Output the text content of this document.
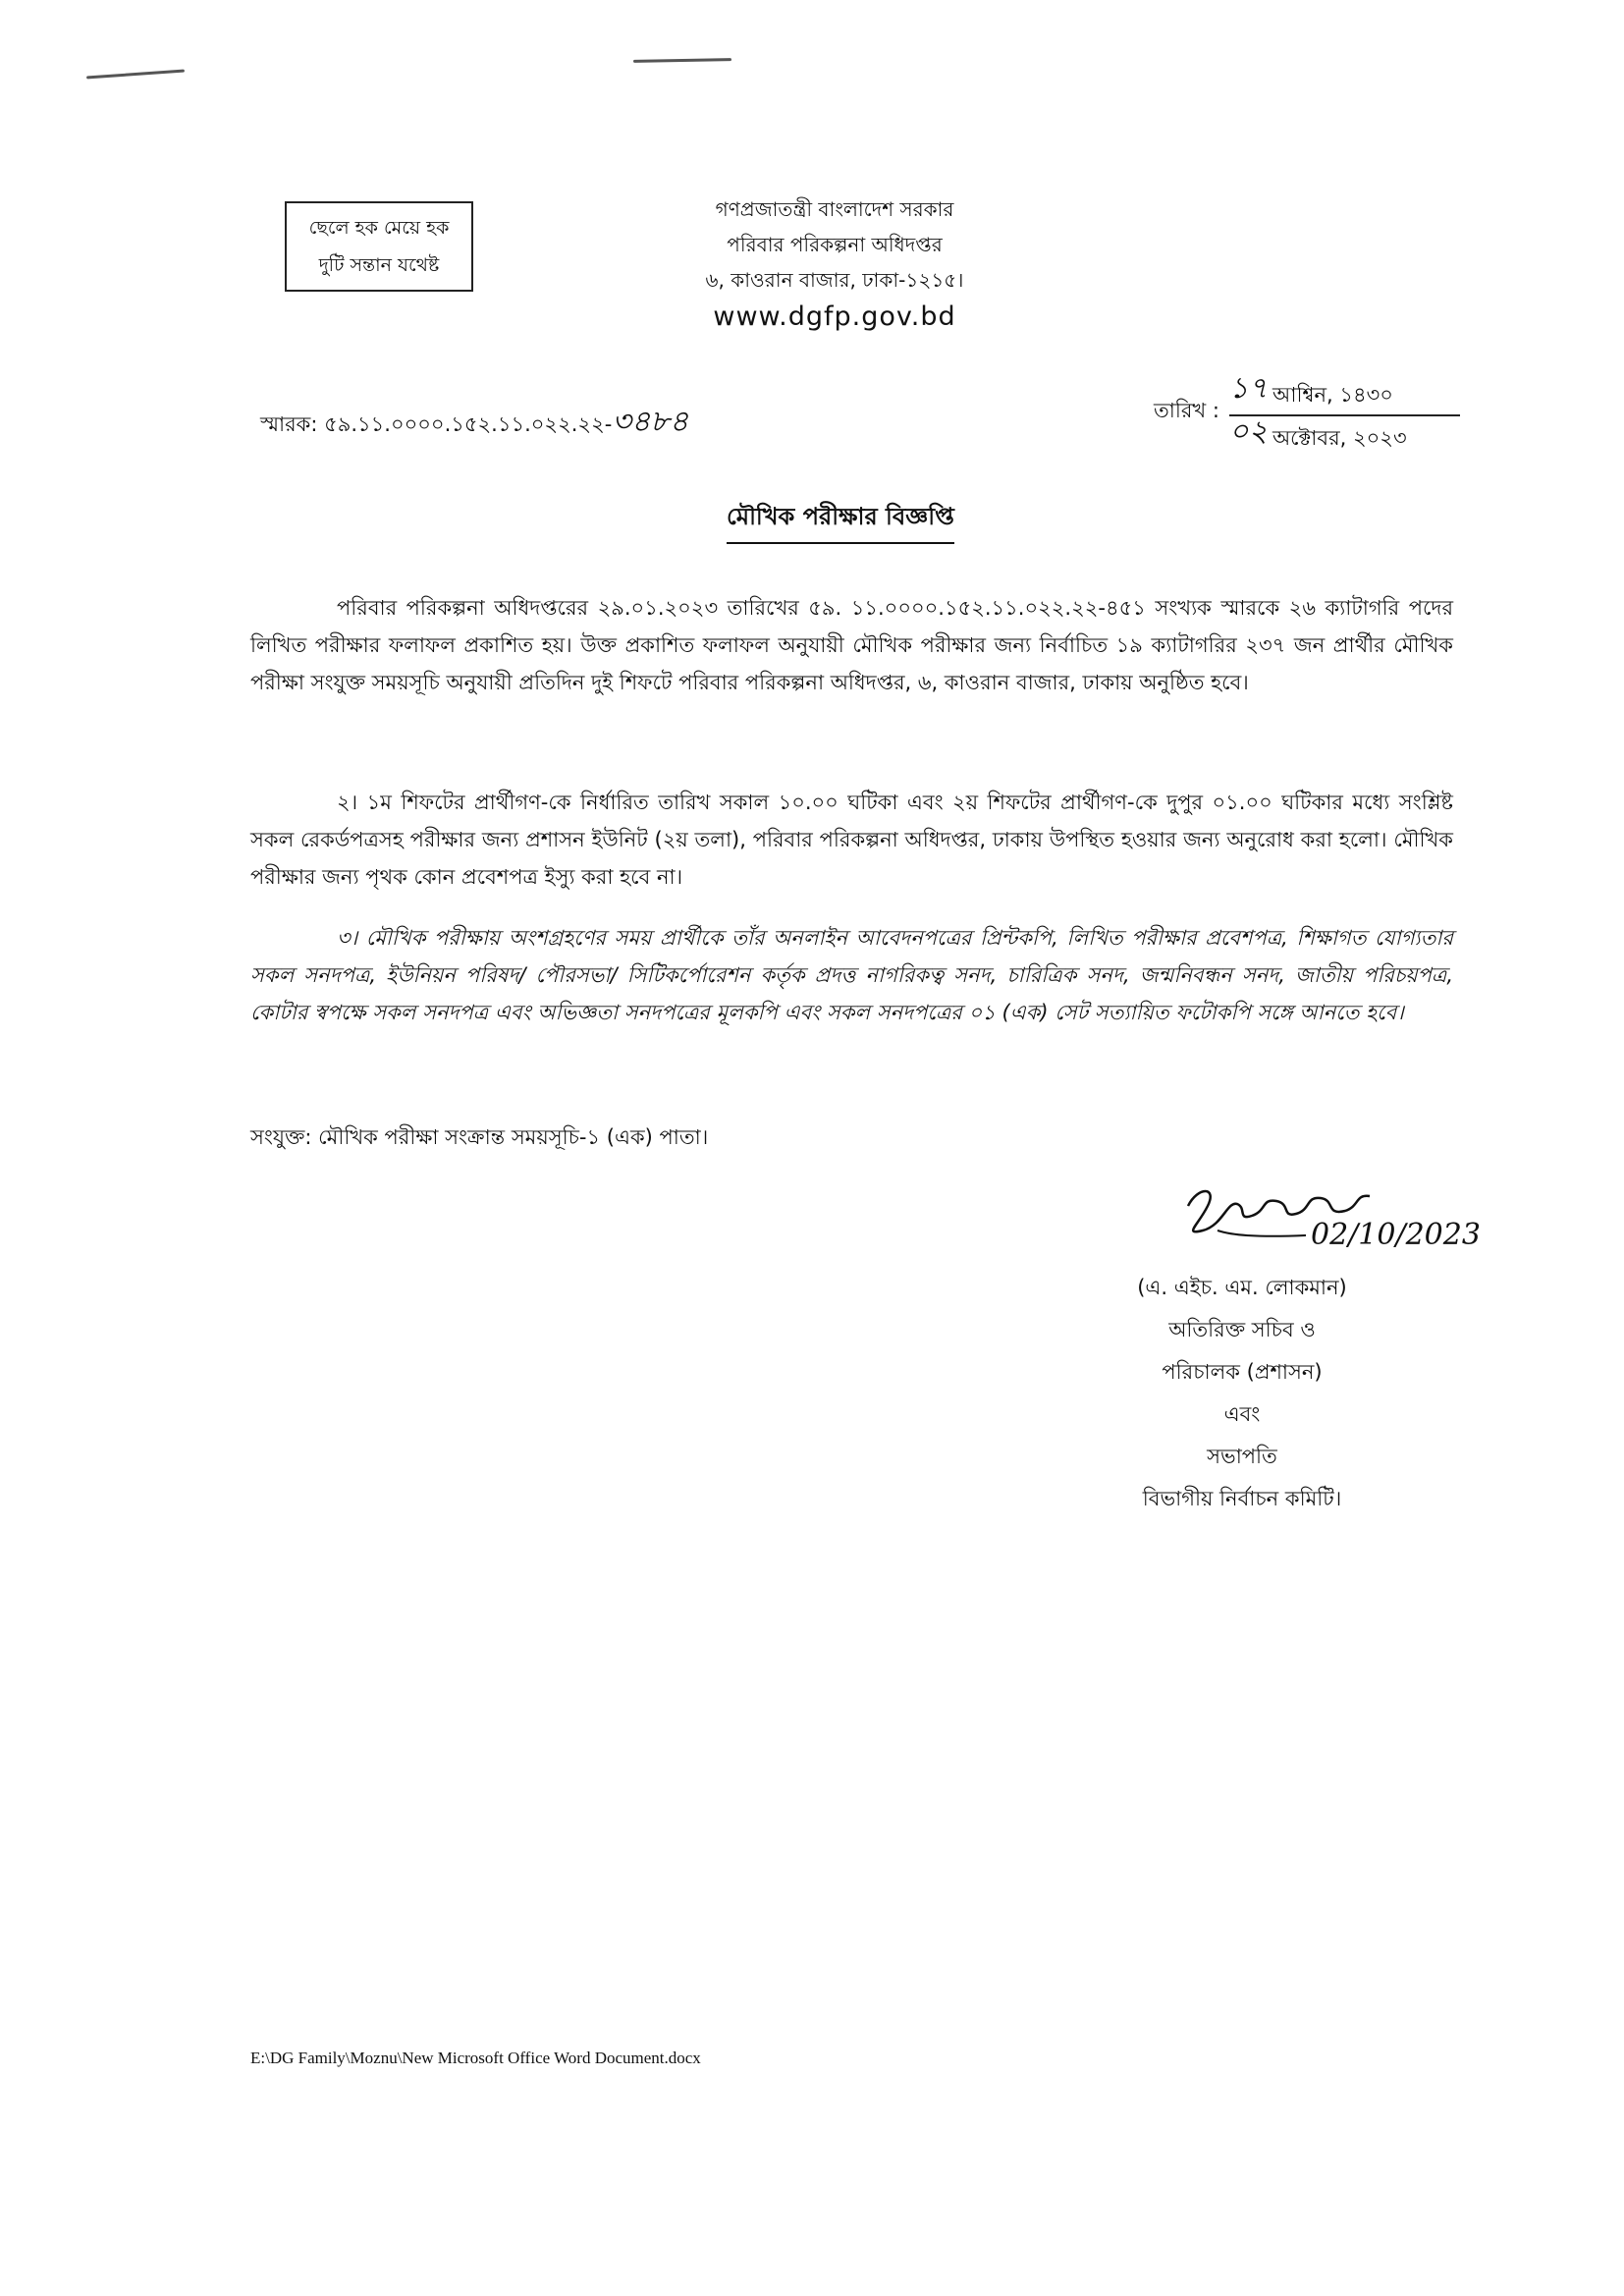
ছেলে হক মেয়ে হক
দুটি সন্তান যথেষ্ট
গণপ্রজাতন্ত্রী বাংলাদেশ সরকার
পরিবার পরিকল্পনা অধিদপ্তর
৬, কাওরান বাজার, ঢাকা-১২১৫।
www.dgfp.gov.bd
স্মারক: ৫৯.১১.০০০০.১৫২.১১.০২২.২২-৩৪৮৪	তারিখ :
১৭ আশ্বিন, ১৪৩০
০২ অক্টোবর, ২০২৩
মৌখিক পরীক্ষার বিজ্ঞপ্তি
পরিবার পরিকল্পনা অধিদপ্তরের ২৯.০১.২০২৩ তারিখের ৫৯. ১১.০০০০.১৫২.১১.০২২.২২-৪৫১ সংখ্যক স্মারকে ২৬ ক্যাটাগরি পদের লিখিত পরীক্ষার ফলাফল প্রকাশিত হয়। উক্ত প্রকাশিত ফলাফল অনুযায়ী মৌখিক পরীক্ষার জন্য নির্বাচিত ১৯ ক্যাটাগরির ২৩৭ জন প্রার্থীর মৌখিক পরীক্ষা সংযুক্ত সময়সূচি অনুযায়ী প্রতিদিন দুই শিফটে পরিবার পরিকল্পনা অধিদপ্তর, ৬, কাওরান বাজার, ঢাকায় অনুষ্ঠিত হবে।
২। ১ম শিফটের প্রার্থীগণ-কে নির্ধারিত তারিখ সকাল ১০.০০ ঘটিকা এবং ২য় শিফটের প্রার্থীগণ-কে দুপুর ০১.০০ ঘটিকার মধ্যে সংশ্লিষ্ট সকল রেকর্ডপত্রসহ পরীক্ষার জন্য প্রশাসন ইউনিট (২য় তলা), পরিবার পরিকল্পনা অধিদপ্তর, ঢাকায় উপস্থিত হওয়ার জন্য অনুরোধ করা হলো। মৌখিক পরীক্ষার জন্য পৃথক কোন প্রবেশপত্র ইস্যু করা হবে না।
৩। মৌখিক পরীক্ষায় অংশগ্রহণের সময় প্রার্থীকে তাঁর অনলাইন আবেদনপত্রের প্রিন্টকপি, লিখিত পরীক্ষার প্রবেশপত্র, শিক্ষাগত যোগ্যতার সকল সনদপত্র, ইউনিয়ন পরিষদ/ পৌরসভা/ সিটিকর্পোরেশন কর্তৃক প্রদত্ত নাগরিকত্ব সনদ, চারিত্রিক সনদ, জন্মনিবন্ধন সনদ, জাতীয় পরিচয়পত্র, কোটার স্বপক্ষে সকল সনদপত্র এবং অভিজ্ঞতা সনদপত্রের মূলকপি এবং সকল সনদপত্রের ০১ (এক) সেট সত্যায়িত ফটোকপি সঙ্গে আনতে হবে।
সংযুক্ত: মৌখিক পরীক্ষা সংক্রান্ত সময়সূচি-১ (এক) পাতা।
02/10/2023
(এ. এইচ. এম. লোকমান)
অতিরিক্ত সচিব ও
পরিচালক (প্রশাসন)
এবং
সভাপতি
বিভাগীয় নির্বাচন কমিটি।
E:\DG Family\Moznu\New Microsoft Office Word Document.docx
